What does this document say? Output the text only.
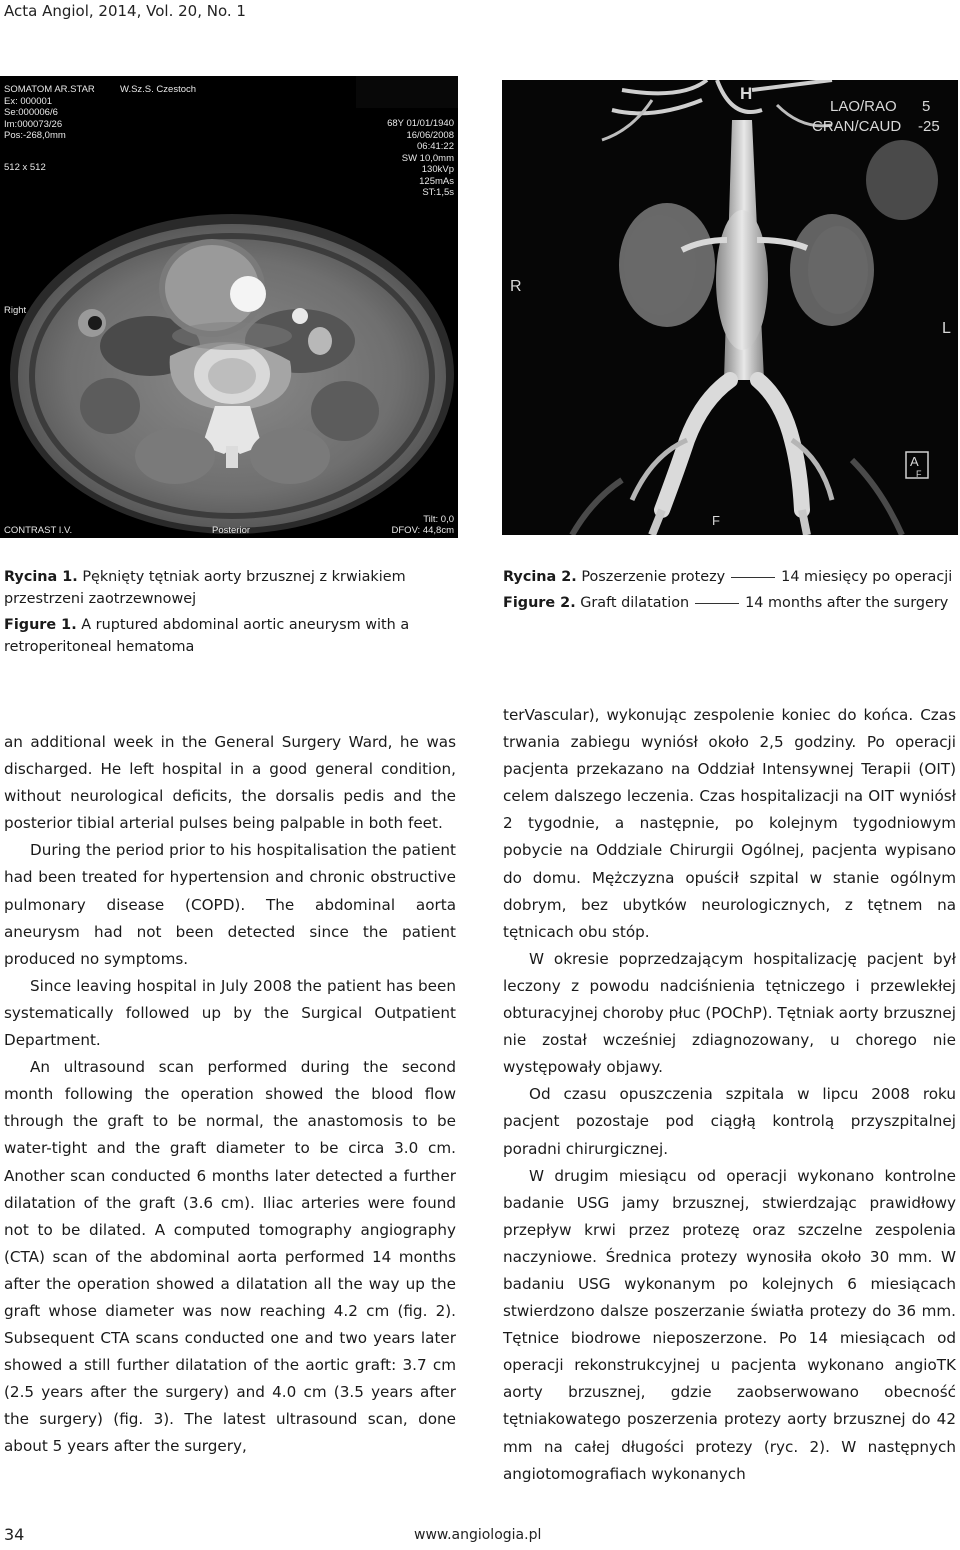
Acta Angiol, 2014, Vol. 20, No. 1
SOMATOM AR.STAR
Ex: 000001
Se:000006/6
Im:000073/26
Pos:-268,0mm
W.Sz.S. Czestoch
512 x 512
68Y 01/01/1940
16/06/2008
06:41:22
SW 10,0mm
130kVp
125mAs
ST:1,5s
Right
Tilt: 0,0
CONTRAST I.V.	Posterior	DFOV: 44,8cm
H
LAO/RAO 5
CRAN/CAUD -25
R
L
A
F
F
Rycina 1. Pęknięty tętniak aorty brzusznej z krwiakiem przestrzeni zaotrzewnowej
Figure 1. A ruptured abdominal aortic aneurysm with a retroperitoneal hematoma
Rycina 2. Poszerzenie protezy	14 miesięcy po operacji
Figure 2. Graft dilatation	14 months after the surgery

an additional week in the General Surgery Ward, he was discharged. He left hospital in a good general condition, without neurological deficits, the dorsalis pedis and the posterior tibial arterial pulses being palpable in both feet.

During the period prior to his hospitalisation the patient had been treated for hypertension and chronic obstructive pulmonary disease (COPD). The abdominal aorta aneurysm had not been detected since the patient produced no symptoms.

Since leaving hospital in July 2008 the patient has been systematically followed up by the Surgical Outpatient Department.

An ultrasound scan performed during the second month following the operation showed the blood flow through the graft to be normal, the anastomosis to be water-tight and the graft diameter to be circa 3.0 cm. Another scan conducted 6 months later detected a further dilatation of the graft (3.6 cm). Iliac arteries were found not to be dilated. A computed tomography angiography (CTA) scan of the abdominal aorta performed 14 months after the operation showed a dilatation all the way up the graft whose diameter was now reaching 4.2 cm (fig. 2). Subsequent CTA scans conducted one and two years later showed a still further dilatation of the aortic graft: 3.7 cm (2.5 years after the surgery) and 4.0 cm (3.5 years after the surgery) (fig. 3). The latest ultrasound scan, done about 5 years after the surgery,

terVascular), wykonując zespolenie koniec do końca. Czas trwania zabiegu wyniósł około 2,5 godziny. Po operacji pacjenta przekazano na Oddział Intensywnej Terapii (OIT) celem dalszego leczenia. Czas hospitalizacji na OIT wyniósł 2 tygodnie, a następnie, po kolejnym tygodniowym pobycie na Oddziale Chirurgii Ogólnej, pacjenta wypisano do domu. Mężczyzna opuścił szpital w stanie ogólnym dobrym, bez ubytków neurologicznych, z tętnem na tętnicach obu stóp.

W okresie poprzedzającym hospitalizację pacjent był leczony z powodu nadciśnienia tętniczego i przewlekłej obturacyjnej choroby płuc (POChP). Tętniak aorty brzusznej nie został wcześniej zdiagnozowany, u chorego nie występowały objawy.

Od czasu opuszczenia szpitala w lipcu 2008 roku pacjent pozostaje pod ciągłą kontrolą przyszpitalnej poradni chirurgicznej.

W drugim miesiącu od operacji wykonano kontrolne badanie USG jamy brzusznej, stwierdzając prawidłowy przepływ krwi przez protezę oraz szczelne zespolenia naczyniowe. Średnica protezy wynosiła około 30 mm. W badaniu USG wykonanym po kolejnych 6 miesiącach stwierdzono dalsze poszerzanie światła protezy do 36 mm. Tętnice biodrowe nieposzerzone. Po 14 miesiącach od operacji rekonstrukcyjnej u pacjenta wykonano angioTK aorty brzusznej, gdzie zaobserwowano obecność tętniakowatego poszerzenia protezy aorty brzusznej do 42 mm na całej długości protezy (ryc. 2). W następnych angiotomografiach wykonanych

34	www.angiologia.pl
